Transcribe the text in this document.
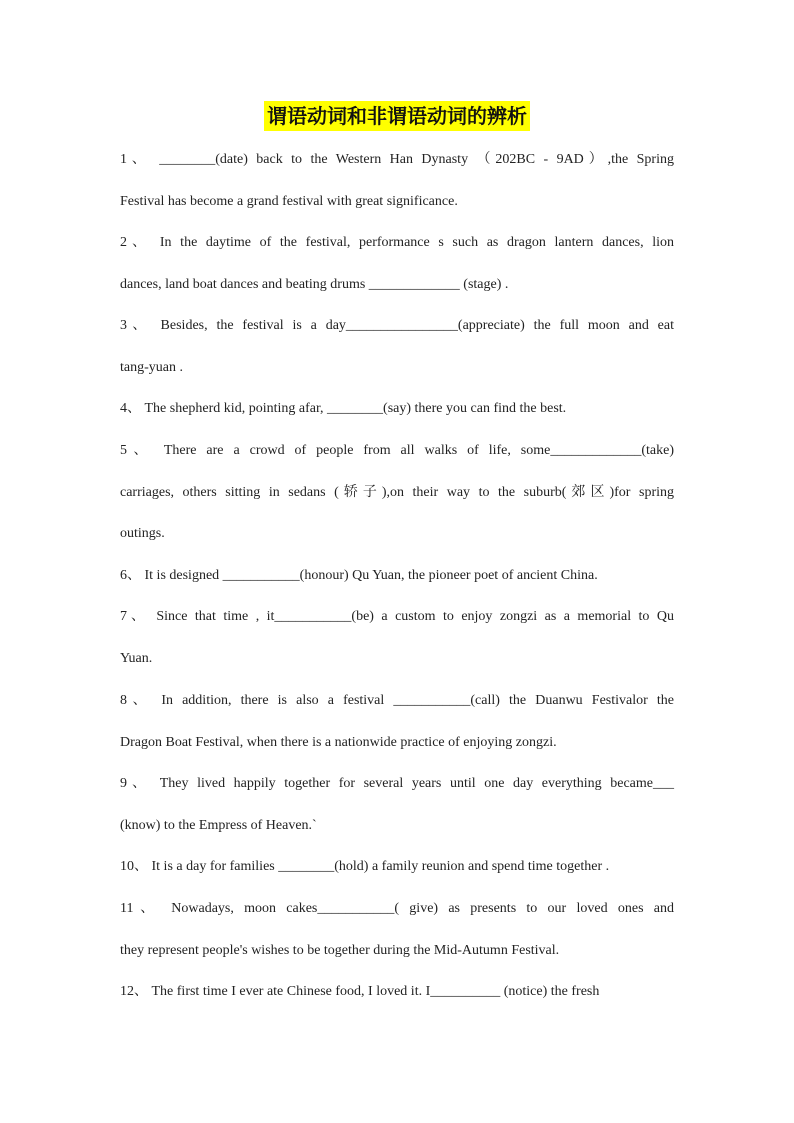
谓语动词和非谓语动词的辨析
1、 ________(date) back to the Western Han Dynasty （202BC - 9AD）,the Spring
Festival has become a grand festival with great significance.
2、 In the daytime of the festival, performance s such as dragon lantern dances, lion
dances, land boat dances and beating drums _____________ (stage) .
3、 Besides, the festival is a day________________(appreciate) the full moon and eat
tang-yuan .
4、 The shepherd kid, pointing afar, ________(say) there you can find the best.
5、 There are a crowd of people from all walks of life, some_____________(take)
carriages, others sitting in sedans (轿子),on their way to the suburb(郊区)for spring
outings.
6、 It is designed ___________(honour) Qu Yuan, the pioneer poet of ancient China.
7、 Since that time , it___________(be) a custom to enjoy zongzi as a memorial to Qu
Yuan.
8、 In addition, there is also a festival ___________(call) the Duanwu Festivalor the
Dragon Boat Festival, when there is a nationwide practice of enjoying zongzi.
9、 They lived happily together for several years until one day everything became___
(know) to the Empress of Heaven.`
10、 It is a day for families ________(hold) a family reunion and spend time together .
11、 Nowadays, moon cakes___________( give) as presents to our loved ones and
they represent people's wishes to be together during the Mid-Autumn Festival.
12、 The first time I ever ate Chinese food, I loved it. I__________ (notice) the fresh
